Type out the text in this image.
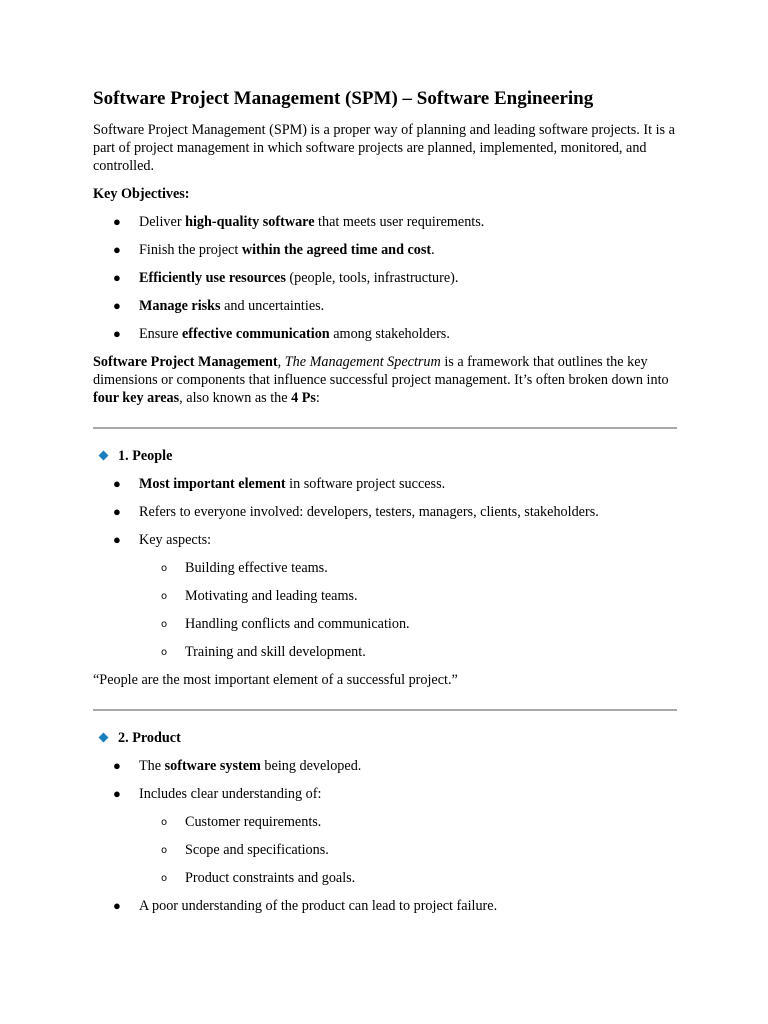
Software Project Management (SPM) – Software Engineering

Software Project Management (SPM) is a proper way of planning and leading software projects. It is a part of project management in which software projects are planned, implemented, monitored, and controlled.

Key Objectives:

● Deliver high-quality software that meets user requirements.
● Finish the project within the agreed time and cost.
● Efficiently use resources (people, tools, infrastructure).
● Manage risks and uncertainties.
● Ensure effective communication among stakeholders.

Software Project Management, The Management Spectrum is a framework that outlines the key dimensions or components that influence successful project management. It’s often broken down into four key areas, also known as the 4 Ps:

1. People
● Most important element in software project success.
● Refers to everyone involved: developers, testers, managers, clients, stakeholders.
● Key aspects:
o Building effective teams.
o Motivating and leading teams.
o Handling conflicts and communication.
o Training and skill development.

“People are the most important element of a successful project.”

2. Product
● The software system being developed.
● Includes clear understanding of:
o Customer requirements.
o Scope and specifications.
o Product constraints and goals.
● A poor understanding of the product can lead to project failure.
